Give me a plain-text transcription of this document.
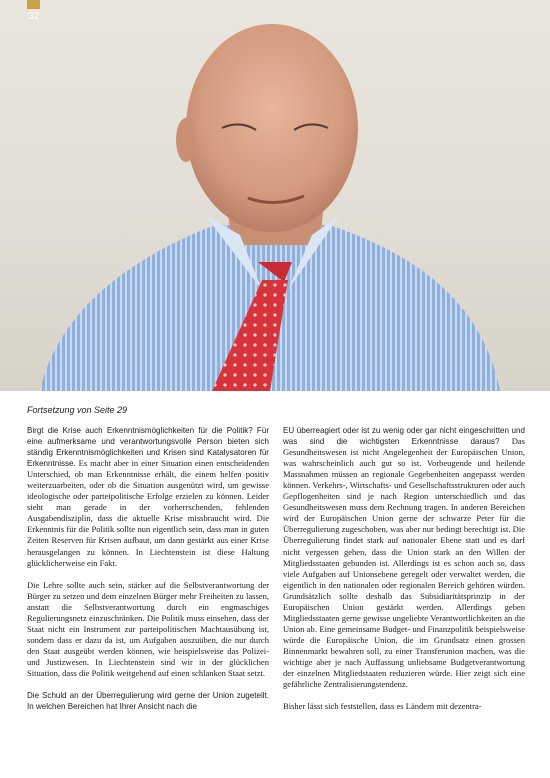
32
Fortsetzung von Seite 29

Birgt die Krise auch Erkenntnismöglichkeiten für die Politik? Für eine aufmerksame und verantwortungsvolle Person bieten sich ständig Erkenntnismöglichkeiten und Krisen sind Katalysatoren für Erkenntnisse. Es macht aber in einer Situation einen entscheidenden Unterschied, ob man Erkenntnisse erhält, die einem helfen positiv weiterzuarbeiten, oder ob die Situation ausgenützt wird, um gewisse ideologische oder parteipolitische Erfolge erzielen zu können. Leider sieht man gerade in der vorherrschenden, fehlenden Ausgabendisziplin, dass die aktuelle Krise missbraucht wird. Die Erkenntnis für die Politik sollte nun eigentlich sein, dass man in guten Zeiten Reserven für Krisen aufbaut, um dann gestärkt aus einer Krise herausgelangen zu können. In Liechtenstein ist diese Haltung glücklicherweise ein Fakt.

Die Lehre sollte auch sein, stärker auf die Selbstverantwortung der Bürger zu setzen und dem einzelnen Bürger mehr Freiheiten zu lassen, anstatt die Selbstverantwortung durch ein engmaschiges Regulierungsnetz einzuschränken. Die Politik muss einsehen, dass der Staat nicht ein Instrument zur parteipolitischen Machtausübung ist, sondern dass er dazu da ist, um Aufgaben auszuüben, die nur durch den Staat ausgeübt werden können, wie beispielsweise das Polizei- und Justizwesen. In Liechtenstein sind wir in der glücklichen Situation, dass die Politik weitgehend auf einen schlanken Staat setzt.

Die Schuld an der Überregulierung wird gerne der Union zugeteilt. In welchen Bereichen hat Ihrer Ansicht nach die

EU überreagiert oder ist zu wenig oder gar nicht eingeschritten und was sind die wichtigsten Erkenntnisse daraus? Das Gesundheitswesen ist nicht Angelegenheit der Europäischen Union, was wahrscheinlich auch gut so ist. Vorbeugende und heilende Massnahmen müssen an regionale Gegebenheiten angepasst werden können. Verkehrs-, Wirtschafts- und Gesellschaftsstrukturen oder auch Gepflogenheiten sind je nach Region unterschiedlich und das Gesundheitswesen muss dem Rechnung tragen. In anderen Bereichen wird der Europäischen Union gerne der schwarze Peter für die Überregulierung zugeschoben, was aber nur bedingt berechtigt ist. Die Überregulierung findet stark auf nationaler Ebene statt und es darf nicht vergessen gehen, dass die Union stark an den Willen der Mitgliedsstaaten gebunden ist. Allerdings ist es schon auch so, dass viele Aufgaben auf Unionsebene geregelt oder verwaltet werden, die eigentlich in den nationalen oder regionalen Bereich gehören würden. Grundsätzlich sollte deshalb das Subsidiaritätsprinzip in der Europäischen Union gestärkt werden. Allerdings geben Mitgliedsstaaten gerne gewisse ungeliebte Verantwortlichkeiten an die Union ab. Eine gemeinsame Budget- und Finanzpolitik beispielsweise würde die Europäische Union, die im Grundsatz einen grossen Binnenmarkt bewahren soll, zu einer Transferunion machen, was die wichtige aber je nach Auffassung unliebsame Budgetverantwortung der einzelnen Mitgliedstaaten reduzieren würde. Hier zeigt sich eine gefährliche Zentralisierungstendenz.

Bisher lässt sich feststellen, dass es Ländern mit dezentra-
